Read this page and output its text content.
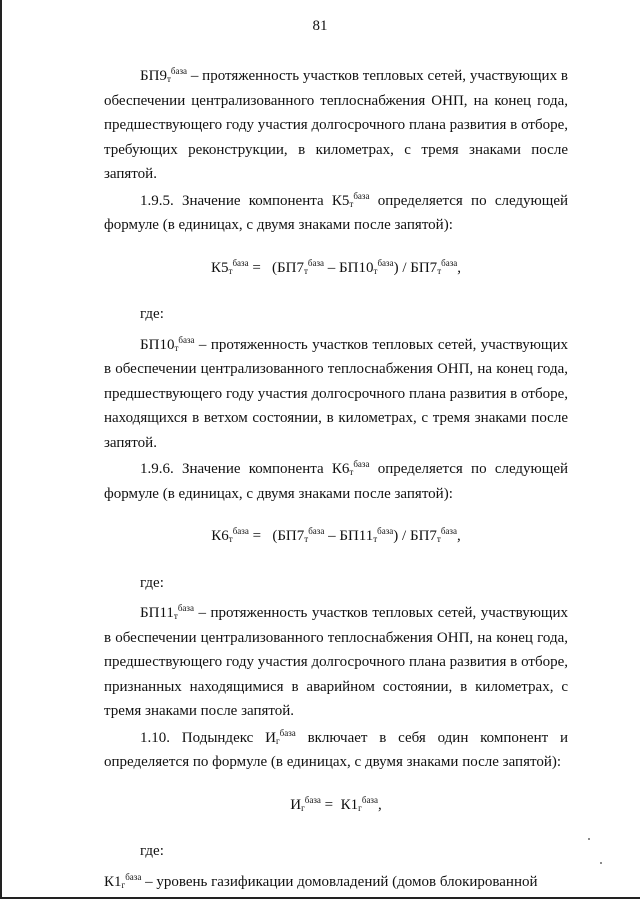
81

$БП9_т^{база}$ – протяженность участков тепловых сетей, участвующих в обеспечении централизованного теплоснабжения ОНП, на конец года, предшествующего году участия долгосрочного плана развития в отборе, требующих реконструкции, в километрах, с тремя знаками после запятой.

1.9.5. Значение компонента $К5_т^{база}$ определяется по следующей формуле (в единицах, с двумя знаками после запятой):

$К5_т^{база} = (БП7_т^{база} - БП10_т^{база}) / БП7_т^{база}$,

где:

$БП10_т^{база}$ – протяженность участков тепловых сетей, участвующих в обеспечении централизованного теплоснабжения ОНП, на конец года, предшествующего году участия долгосрочного плана развития в отборе, находящихся в ветхом состоянии, в километрах, с тремя знаками после запятой.

1.9.6. Значение компонента $К6_т^{база}$ определяется по следующей формуле (в единицах, с двумя знаками после запятой):

$К6_т^{база} = (БП7_т^{база} - БП11_т^{база}) / БП7_т^{база}$,

где:

$БП11_т^{база}$ – протяженность участков тепловых сетей, участвующих в обеспечении централизованного теплоснабжения ОНП, на конец года, предшествующего году участия долгосрочного плана развития в отборе, признанных находящимися в аварийном состоянии, в километрах, с тремя знаками после запятой.

1.10. Подындекс $И_г^{база}$ включает в себя один компонент и определяется по формуле (в единицах, с двумя знаками после запятой):

$И_г^{база} = К1_г^{база}$,

где:

$К1_г^{база}$ – уровень газификации домовладений (домов блокированной
